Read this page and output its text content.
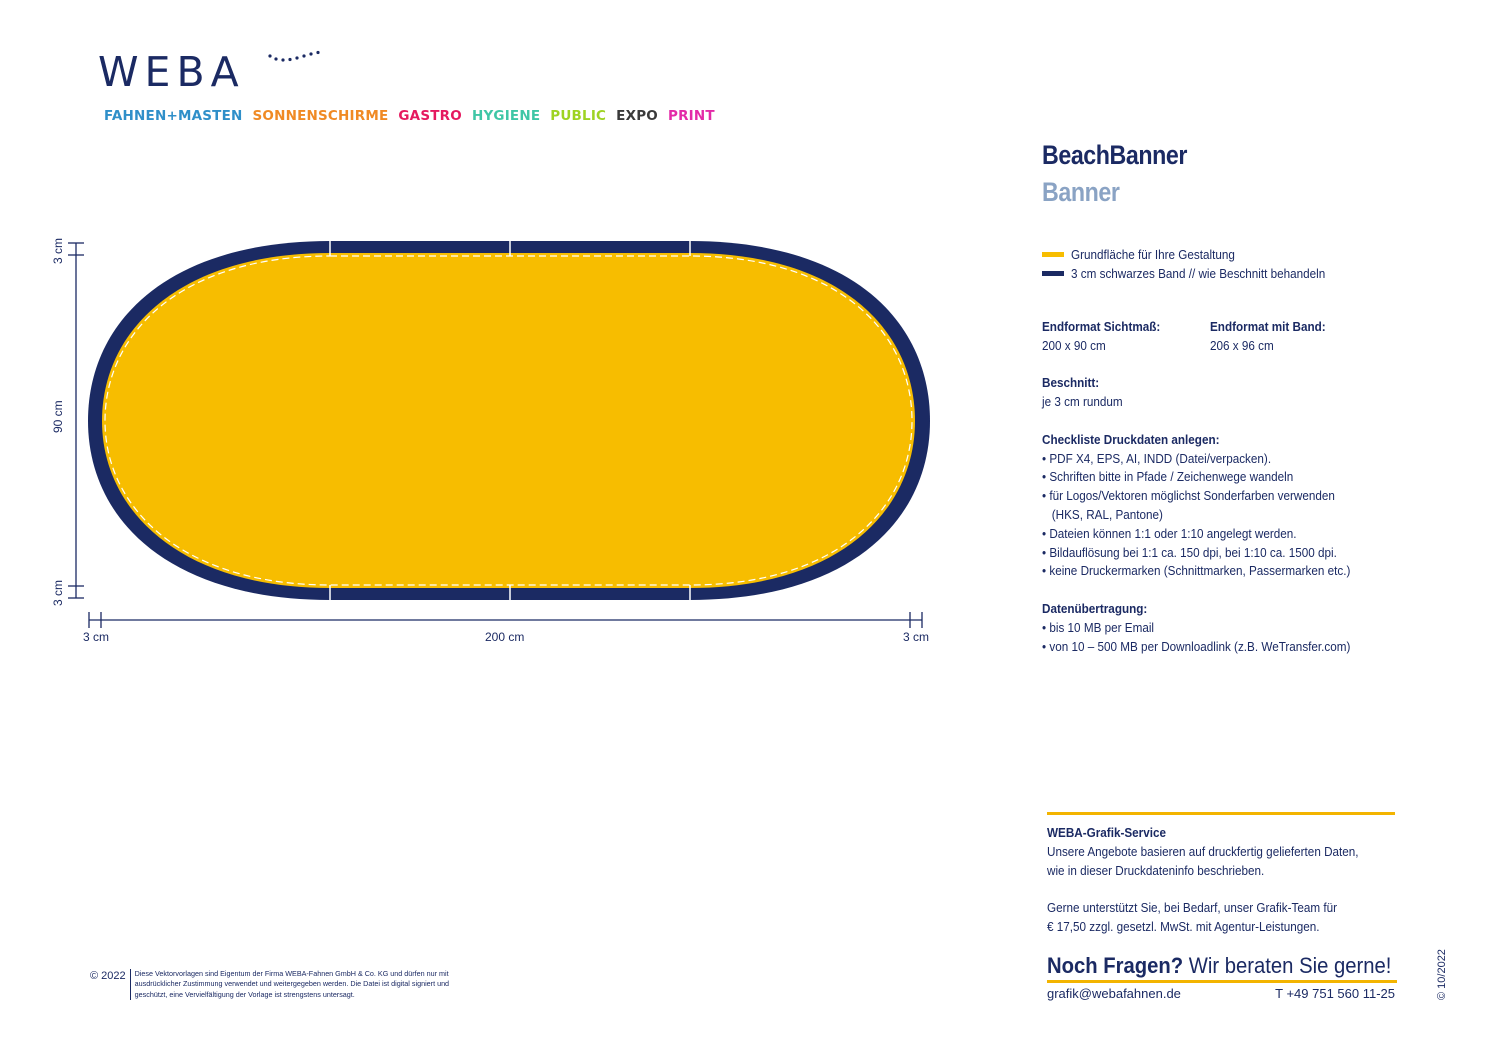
WEBA
FAHNEN+MASTEN SONNENSCHIRME GASTRO HYGIENE PUBLIC EXPO PRINT
3 cm
90 cm
3 cm
3 cm	200 cm	3 cm
BeachBanner
Banner
Grundfläche für Ihre Gestaltung
3 cm schwarzes Band // wie Beschnitt behandeln
Endformat Sichtmaß:
200 x 90 cm
Endformat mit Band:
206 x 96 cm
Beschnitt:
je 3 cm rundum
Checkliste Druckdaten anlegen:
• PDF X4, EPS, AI, INDD (Datei/verpacken).
• Schriften bitte in Pfade / Zeichenwege wandeln
• für Logos/Vektoren möglichst Sonderfarben verwenden
(HKS, RAL, Pantone)
• Dateien können 1:1 oder 1:10 angelegt werden.
• Bildauflösung bei 1:1 ca. 150 dpi, bei 1:10 ca. 1500 dpi.
• keine Druckermarken (Schnittmarken, Passermarken etc.)
Datenübertragung:
• bis 10 MB per Email
• von 10 – 500 MB per Downloadlink (z.B. WeTransfer.com)
WEBA-Grafik-Service
Unsere Angebote basieren auf druckfertig gelieferten Daten,
wie in dieser Druckdateninfo beschrieben.
Gerne unterstützt Sie, bei Bedarf, unser Grafik-Team für
€ 17,50 zzgl. gesetzl. MwSt. mit Agentur-Leistungen.
Noch Fragen? Wir beraten Sie gerne!
grafik@webafahnen.de	T +49 751 560 11-25	© 10/2022
© 2022	Diese Vektorvorlagen sind Eigentum der Firma WEBA-Fahnen GmbH & Co. KG und dürfen nur mit ausdrücklicher Zustimmung verwendet und weitergegeben werden. Die Datei ist digital signiert und geschützt, eine Vervielfältigung der Vorlage ist strengstens untersagt.
